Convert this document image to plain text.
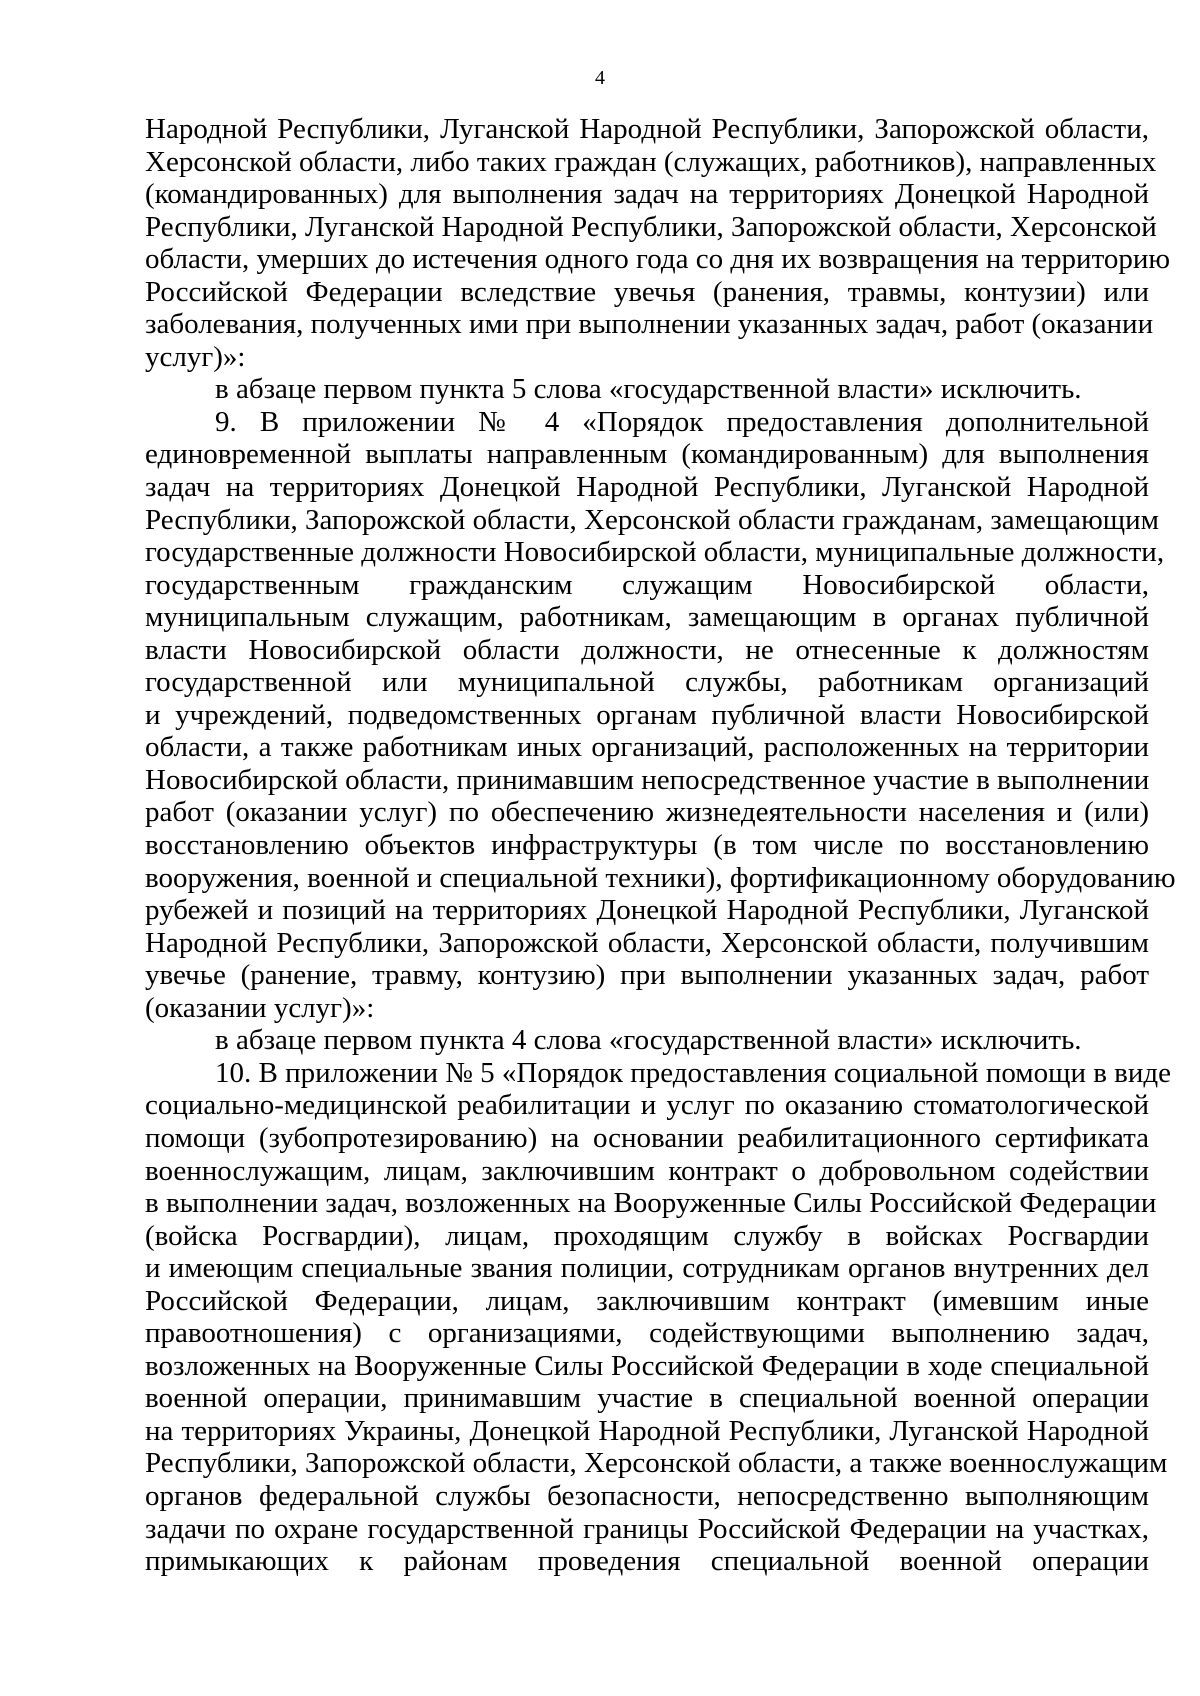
4
Народной Республики, Луганской Народной Республики, Запорожской области,
Херсонской области, либо таких граждан (служащих, работников), направленных
(командированных) для выполнения задач на территориях Донецкой Народной
Республики, Луганской Народной Республики, Запорожской области, Херсонской
области, умерших до истечения одного года со дня их возвращения на территорию
Российской Федерации вследствие увечья (ранения, травмы, контузии) или
заболевания, полученных ими при выполнении указанных задач, работ (оказании
услуг)»:
в абзаце первом пункта 5 слова «государственной власти» исключить.
9. В приложении № 4 «Порядок предоставления дополнительной
единовременной выплаты направленным (командированным) для выполнения
задач на территориях Донецкой Народной Республики, Луганской Народной
Республики, Запорожской области, Херсонской области гражданам, замещающим
государственные должности Новосибирской области, муниципальные должности,
государственным гражданским служащим Новосибирской области,
муниципальным служащим, работникам, замещающим в органах публичной
власти Новосибирской области должности, не отнесенные к должностям
государственной или муниципальной службы, работникам организаций
и учреждений, подведомственных органам публичной власти Новосибирской
области, а также работникам иных организаций, расположенных на территории
Новосибирской области, принимавшим непосредственное участие в выполнении
работ (оказании услуг) по обеспечению жизнедеятельности населения и (или)
восстановлению объектов инфраструктуры (в том числе по восстановлению
вооружения, военной и специальной техники), фортификационному оборудованию
рубежей и позиций на территориях Донецкой Народной Республики, Луганской
Народной Республики, Запорожской области, Херсонской области, получившим
увечье (ранение, травму, контузию) при выполнении указанных задач, работ
(оказании услуг)»:
в абзаце первом пункта 4 слова «государственной власти» исключить.
10. В приложении № 5 «Порядок предоставления социальной помощи в виде
социально-медицинской реабилитации и услуг по оказанию стоматологической
помощи (зубопротезированию) на основании реабилитационного сертификата
военнослужащим, лицам, заключившим контракт о добровольном содействии
в выполнении задач, возложенных на Вооруженные Силы Российской Федерации
(войска Росгвардии), лицам, проходящим службу в войсках Росгвардии
и имеющим специальные звания полиции, сотрудникам органов внутренних дел
Российской Федерации, лицам, заключившим контракт (имевшим иные
правоотношения) с организациями, содействующими выполнению задач,
возложенных на Вооруженные Силы Российской Федерации в ходе специальной
военной операции, принимавшим участие в специальной военной операции
на территориях Украины, Донецкой Народной Республики, Луганской Народной
Республики, Запорожской области, Херсонской области, а также военнослужащим
органов федеральной службы безопасности, непосредственно выполняющим
задачи по охране государственной границы Российской Федерации на участках,
примыкающих к районам проведения специальной военной операции
